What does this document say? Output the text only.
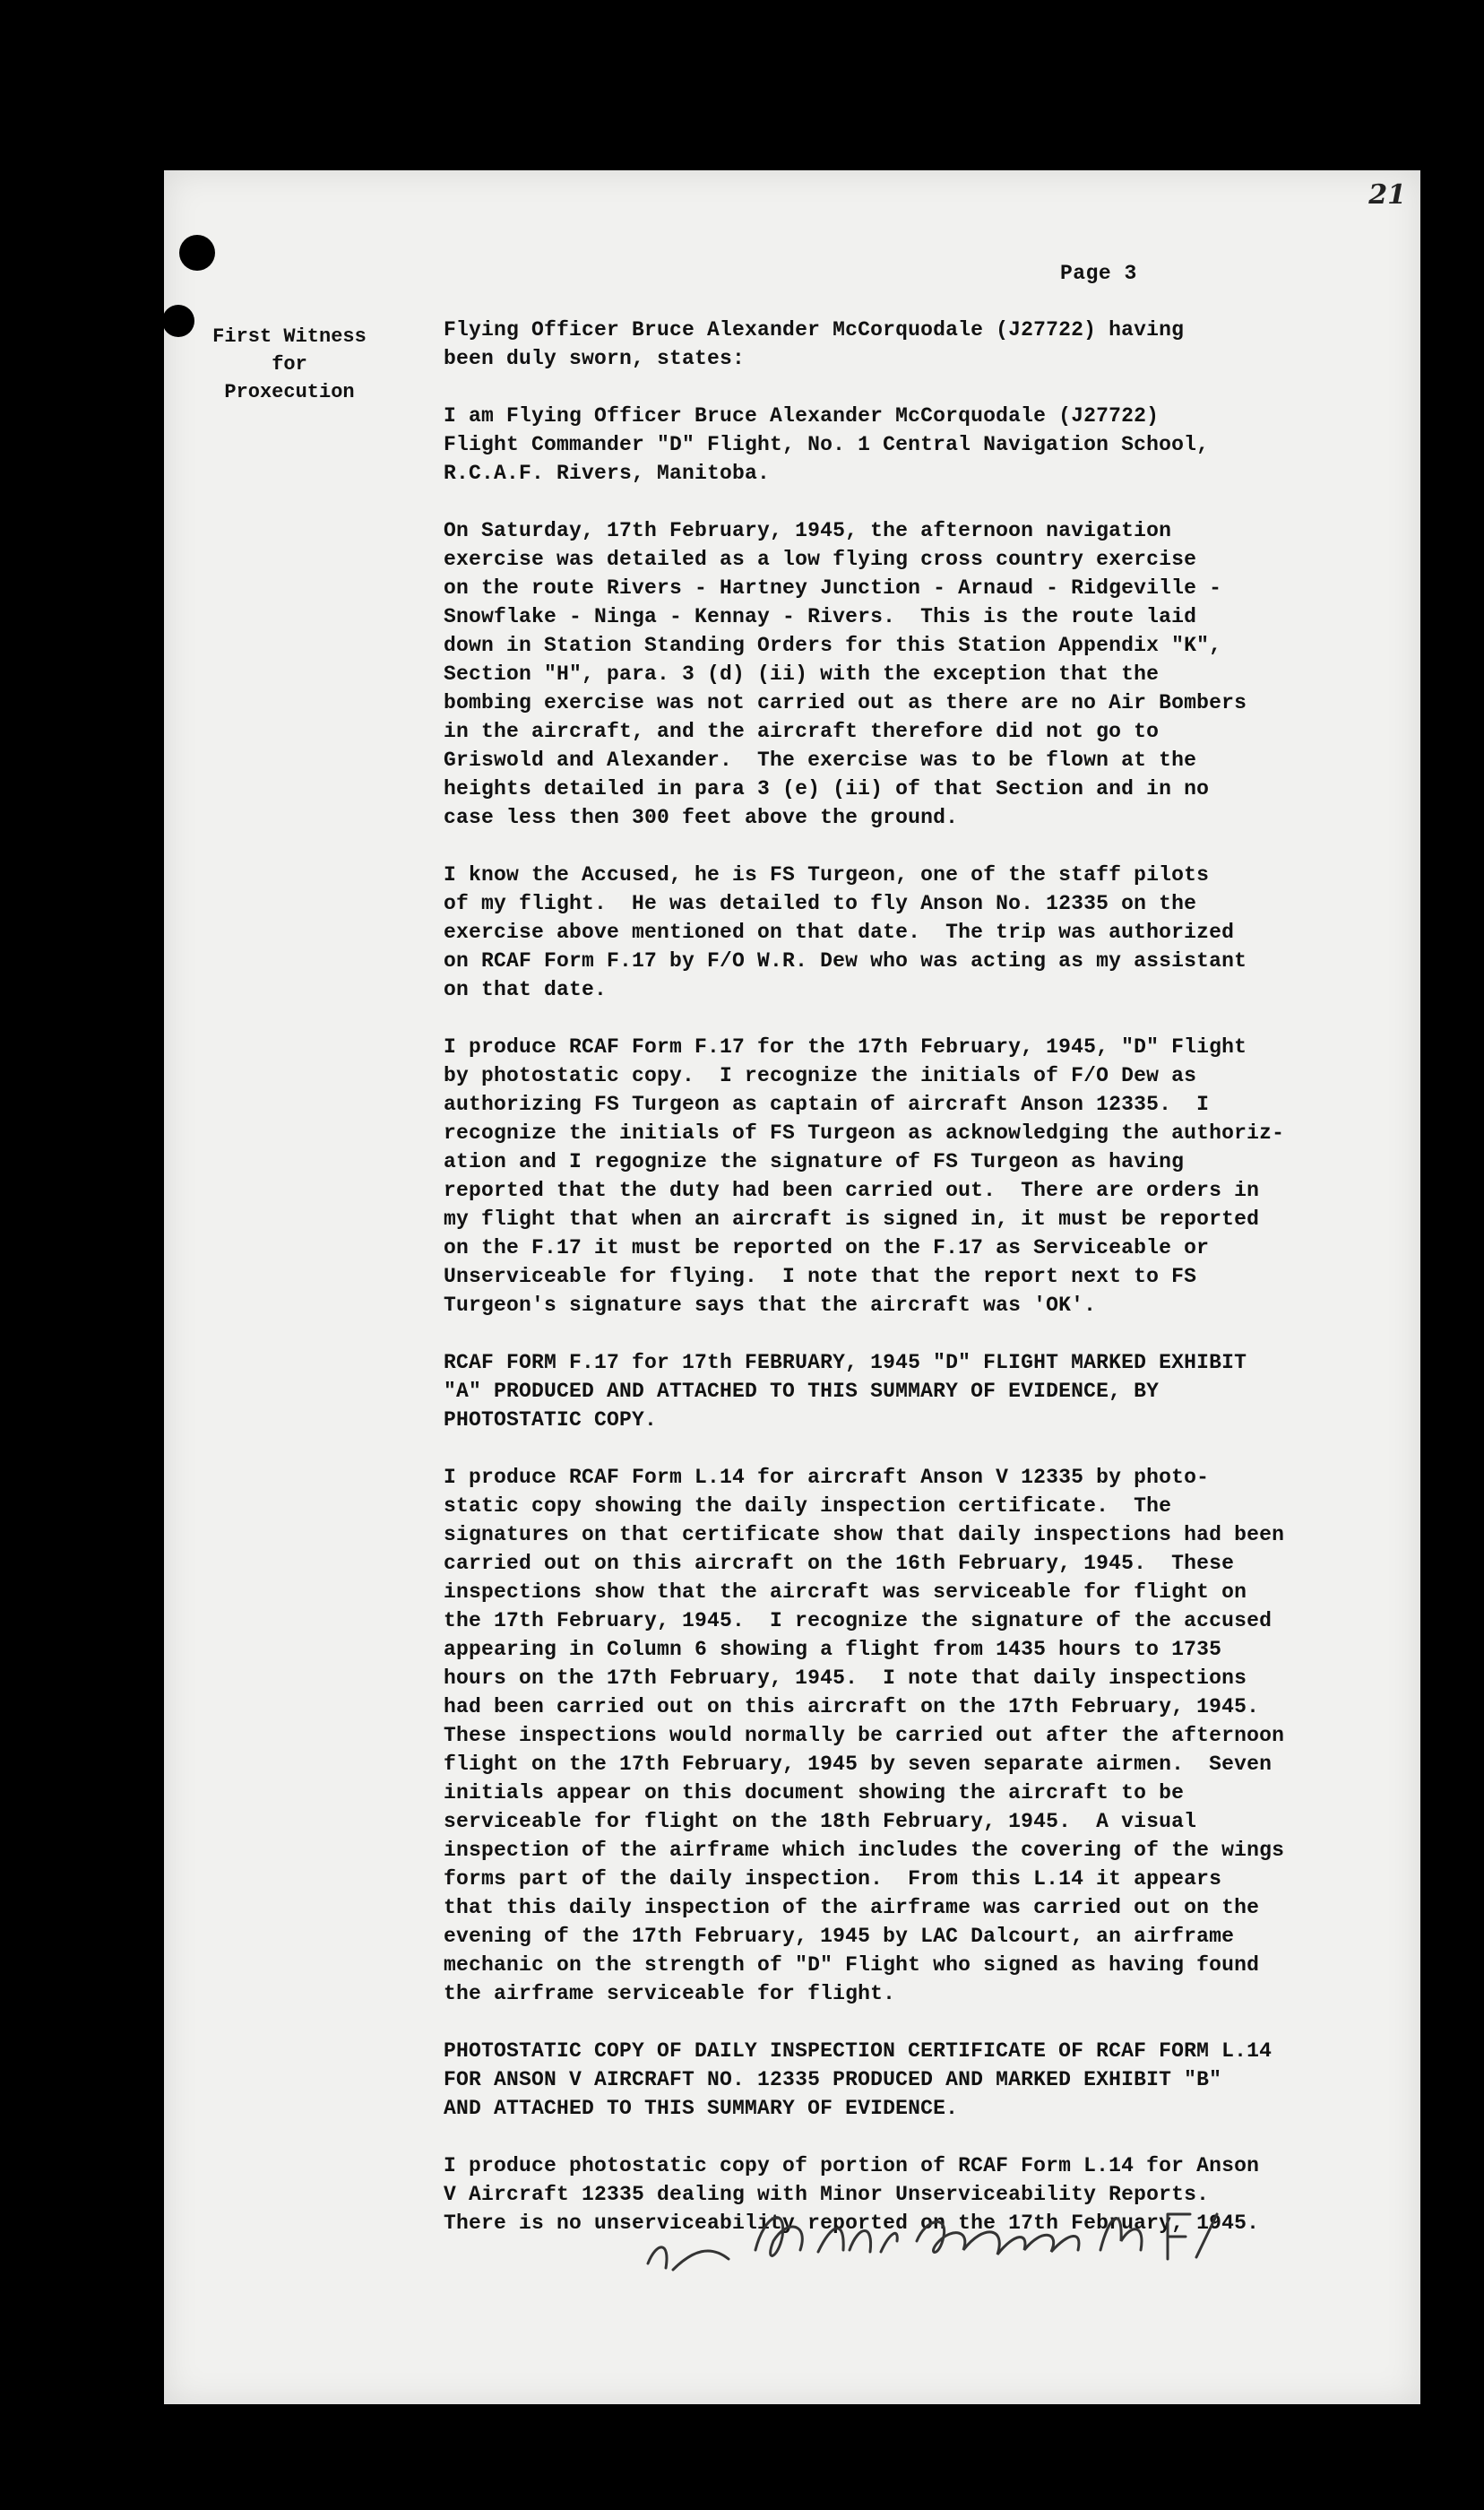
21
Page 3
First Witness
for
Proxecution
Flying Officer Bruce Alexander McCorquodale (J27722) having
been duly sworn, states:
I am Flying Officer Bruce Alexander McCorquodale (J27722)
Flight Commander "D" Flight, No. 1 Central Navigation School,
R.C.A.F. Rivers, Manitoba.
On Saturday, 17th February, 1945, the afternoon navigation
exercise was detailed as a low flying cross country exercise
on the route Rivers - Hartney Junction - Arnaud - Ridgeville -
Snowflake - Ninga - Kennay - Rivers.  This is the route laid
down in Station Standing Orders for this Station Appendix "K",
Section "H", para. 3 (d) (ii) with the exception that the
bombing exercise was not carried out as there are no Air Bombers
in the aircraft, and the aircraft therefore did not go to
Griswold and Alexander.  The exercise was to be flown at the
heights detailed in para 3 (e) (ii) of that Section and in no
case less then 300 feet above the ground.
I know the Accused, he is FS Turgeon, one of the staff pilots
of my flight.  He was detailed to fly Anson No. 12335 on the
exercise above mentioned on that date.  The trip was authorized
on RCAF Form F.17 by F/O W.R. Dew who was acting as my assistant
on that date.
I produce RCAF Form F.17 for the 17th February, 1945, "D" Flight
by photostatic copy.  I recognize the initials of F/O Dew as
authorizing FS Turgeon as captain of aircraft Anson 12335.  I
recognize the initials of FS Turgeon as acknowledging the authoriz-
ation and I regognize the signature of FS Turgeon as having
reported that the duty had been carried out.  There are orders in
my flight that when an aircraft is signed in, it must be reported
on the F.17 it must be reported on the F.17 as Serviceable or
Unserviceable for flying.  I note that the report next to FS
Turgeon's signature says that the aircraft was 'OK'.
RCAF FORM F.17 for 17th FEBRUARY, 1945 "D" FLIGHT MARKED EXHIBIT
"A" PRODUCED AND ATTACHED TO THIS SUMMARY OF EVIDENCE, BY
PHOTOSTATIC COPY.
I produce RCAF Form L.14 for aircraft Anson V 12335 by photo-
static copy showing the daily inspection certificate.  The
signatures on that certificate show that daily inspections had been
carried out on this aircraft on the 16th February, 1945.  These
inspections show that the aircraft was serviceable for flight on
the 17th February, 1945.  I recognize the signature of the accused
appearing in Column 6 showing a flight from 1435 hours to 1735
hours on the 17th February, 1945.  I note that daily inspections
had been carried out on this aircraft on the 17th February, 1945.
These inspections would normally be carried out after the afternoon
flight on the 17th February, 1945 by seven separate airmen.  Seven
initials appear on this document showing the aircraft to be
serviceable for flight on the 18th February, 1945.  A visual
inspection of the airframe which includes the covering of the wings
forms part of the daily inspection.  From this L.14 it appears
that this daily inspection of the airframe was carried out on the
evening of the 17th February, 1945 by LAC Dalcourt, an airframe
mechanic on the strength of "D" Flight who signed as having found
the airframe serviceable for flight.
PHOTOSTATIC COPY OF DAILY INSPECTION CERTIFICATE OF RCAF FORM L.14
FOR ANSON V AIRCRAFT NO. 12335 PRODUCED AND MARKED EXHIBIT "B"
AND ATTACHED TO THIS SUMMARY OF EVIDENCE.
I produce photostatic copy of portion of RCAF Form L.14 for Anson
V Aircraft 12335 dealing with Minor Unserviceability Reports.
There is no unserviceability reported on the 17th February, 1945.
